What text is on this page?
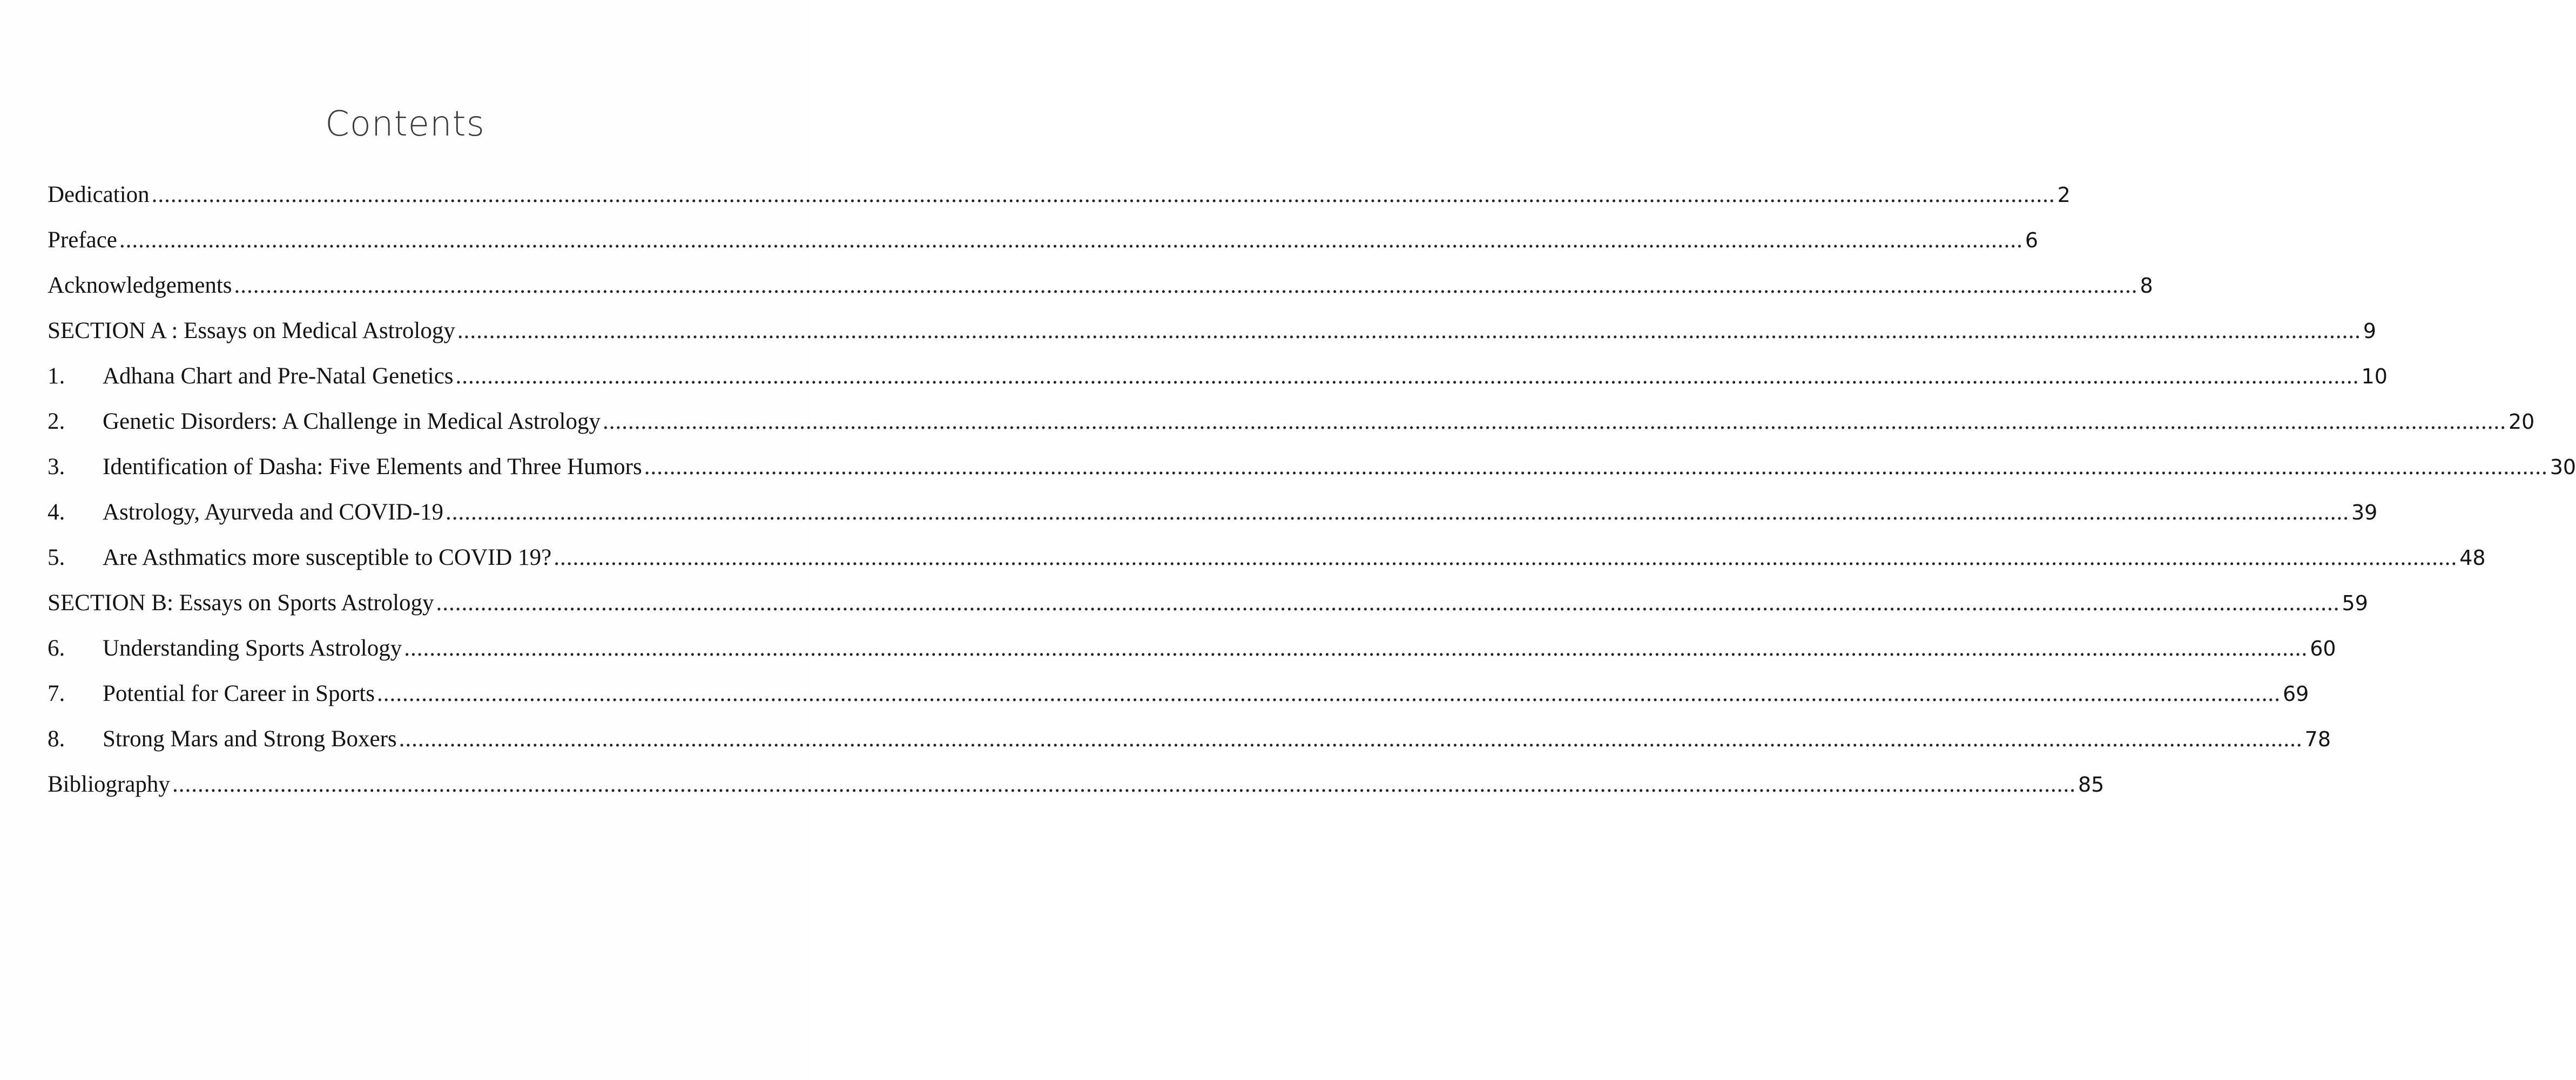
Contents
Dedication ............................................................................................................................................................................................................................................................................................................ 2
Preface ............................................................................................................................................................................................................................................................................................................ 6
Acknowledgements ............................................................................................................................................................................................................................................................................................................ 8
SECTION A : Essays on Medical Astrology ............................................................................................................................................................................................................................................................................................................ 9
1.	Adhana Chart and Pre-Natal Genetics ............................................................................................................................................................................................................................................................................................................ 10
2.	Genetic Disorders: A Challenge in Medical Astrology ............................................................................................................................................................................................................................................................................................................ 20
3.	Identification of Dasha: Five Elements and Three Humors ............................................................................................................................................................................................................................................................................................................ 30
4.	Astrology, Ayurveda and COVID-19 ............................................................................................................................................................................................................................................................................................................ 39
5.	Are Asthmatics more susceptible to COVID 19? ............................................................................................................................................................................................................................................................................................................ 48
SECTION B: Essays on Sports Astrology ............................................................................................................................................................................................................................................................................................................ 59
6.	Understanding Sports Astrology ............................................................................................................................................................................................................................................................................................................ 60
7.	Potential for Career in Sports ............................................................................................................................................................................................................................................................................................................ 69
8.	Strong Mars and Strong Boxers ............................................................................................................................................................................................................................................................................................................ 78
Bibliography ............................................................................................................................................................................................................................................................................................................ 85
